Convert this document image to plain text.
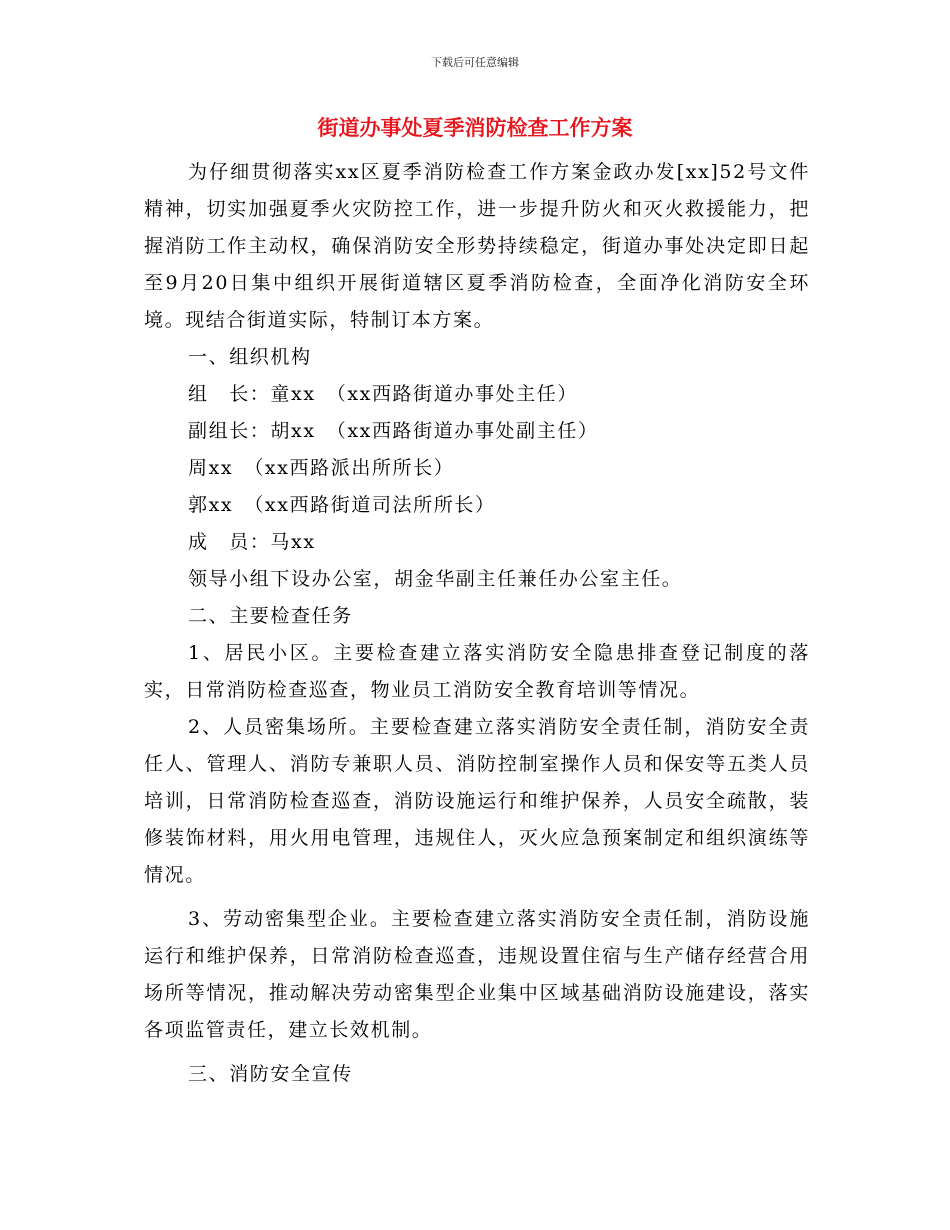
下载后可任意编辑
街道办事处夏季消防检查工作方案

为仔细贯彻落实xx区夏季消防检查工作方案金政办发[xx]52号文件精神，切实加强夏季火灾防控工作，进一步提升防火和灭火救援能力，把握消防工作主动权，确保消防安全形势持续稳定，街道办事处决定即日起至9月20日集中组织开展街道辖区夏季消防检查，全面净化消防安全环境。现结合街道实际，特制订本方案。

一、组织机构

组　长：童xx　（xx西路街道办事处主任）

副组长：胡xx　（xx西路街道办事处副主任）

周xx　（xx西路派出所所长）

郭xx　（xx西路街道司法所所长）

成　员：马xx

领导小组下设办公室，胡金华副主任兼任办公室主任。

二、主要检查任务

1、居民小区。主要检查建立落实消防安全隐患排查登记制度的落实，日常消防检查巡查，物业员工消防安全教育培训等情况。

2、人员密集场所。主要检查建立落实消防安全责任制，消防安全责任人、管理人、消防专兼职人员、消防控制室操作人员和保安等五类人员培训，日常消防检查巡查，消防设施运行和维护保养，人员安全疏散，装修装饰材料，用火用电管理，违规住人，灭火应急预案制定和组织演练等情况。

3、劳动密集型企业。主要检查建立落实消防安全责任制，消防设施运行和维护保养，日常消防检查巡查，违规设置住宿与生产储存经营合用场所等情况，推动解决劳动密集型企业集中区域基础消防设施建设，落实各项监管责任，建立长效机制。

三、消防安全宣传
